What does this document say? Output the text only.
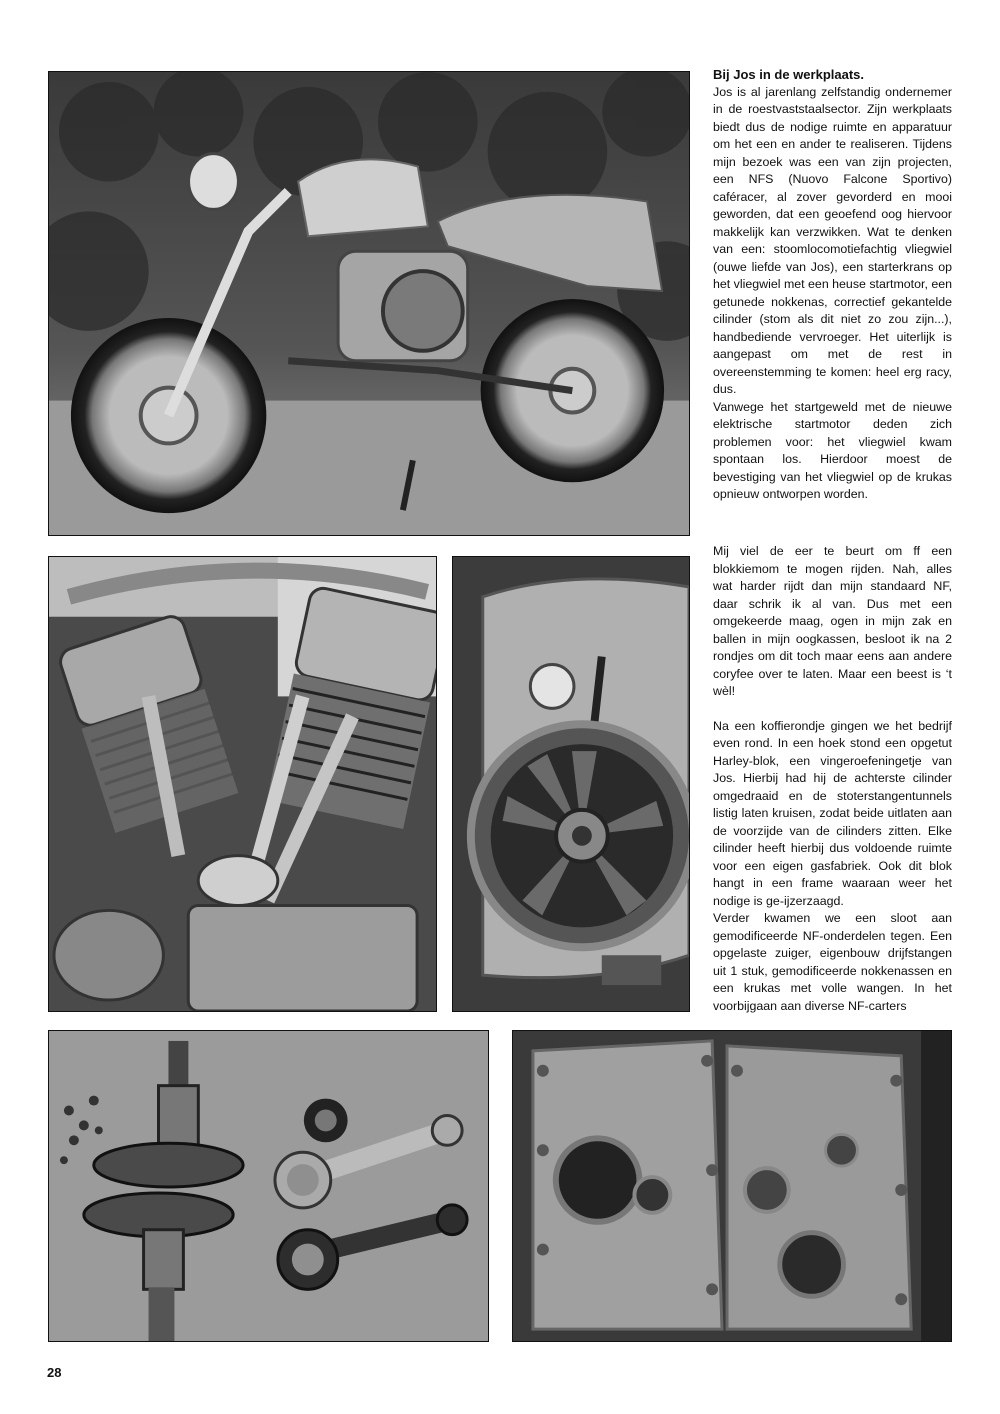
Bij Jos in de werkplaats.

Jos is al jarenlang zelfstandig ondernemer in de roestvaststaalsector. Zijn werkplaats biedt dus de nodige ruimte en apparatuur om het een en ander te realiseren. Tijdens mijn bezoek was een van zijn projecten, een NFS (Nuovo Falcone Sportivo) caféracer, al zover gevorderd en mooi geworden, dat een geoefend oog hiervoor makkelijk kan verzwikken. Wat te denken van een: stoomlocomotiefachtig vliegwiel (ouwe liefde van Jos), een starterkrans op het vliegwiel met een heuse startmotor, een getunede nokkenas, correctief gekantelde cilinder (stom als dit niet zo zou zijn...), handbediende vervroeger. Het uiterlijk is aangepast om met de rest in overeenstemming te komen: heel erg racy, dus.

Vanwege het startgeweld met de nieuwe elektrische startmotor deden zich problemen voor: het vliegwiel kwam spontaan los. Hierdoor moest de bevestiging van het vliegwiel op de krukas opnieuw ontworpen worden.

Mij viel de eer te beurt om ff een blokkiemom te mogen rijden. Nah, alles wat harder rijdt dan mijn standaard NF, daar schrik ik al van. Dus met een omgekeerde maag, ogen in mijn zak en ballen in mijn oogkassen, besloot ik na 2 rondjes om dit toch maar eens aan andere coryfee over te laten. Maar een beest is ‘t wèl!

Na een koffierondje gingen we het bedrijf even rond. In een hoek stond een opgetut Harley-blok, een vingeroefeningetje van Jos. Hierbij had hij de achterste cilinder omgedraaid en de stoterstangentunnels listig laten kruisen, zodat beide uitlaten aan de voorzijde van de cilinders zitten. Elke cilinder heeft hierbij dus voldoende ruimte voor een eigen gasfabriek. Ook dit blok hangt in een frame waaraan weer het nodige is ge-ijzerzaagd.

Verder kwamen we een sloot aan gemodificeerde NF-onderdelen tegen. Een opgelaste zuiger, eigenbouw drijfstangen uit 1 stuk, gemodificeerde nokkenassen en een krukas met volle wangen. In het voorbijgaan aan diverse NF-carters

28
